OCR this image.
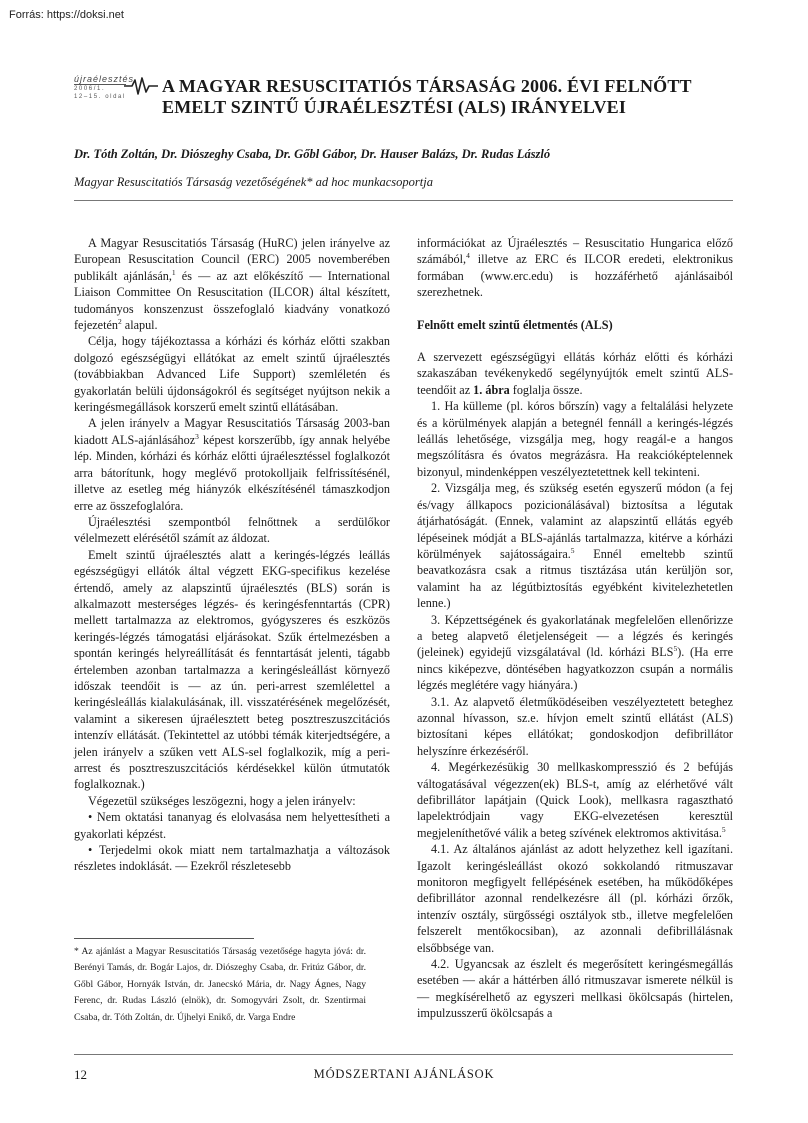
Forrás: https://doksi.net
újraélesztés
2006/1.
12–15. oldal
A MAGYAR RESUSCITATIÓS TÁRSASÁG 2006. ÉVI FELNŐTT
EMELT SZINTŰ ÚJRAÉLESZTÉSI (ALS) IRÁNYELVEI
Dr. Tóth Zoltán, Dr. Diószeghy Csaba, Dr. Gőbl Gábor, Dr. Hauser Balázs, Dr. Rudas László
Magyar Resuscitatiós Társaság vezetőségének* ad hoc munkacsoportja

A Magyar Resuscitatiós Társaság (HuRC) jelen irányelve az European Resuscitation Council (ERC) 2005 novemberében publikált ajánlásán,$^1$ és — az azt előkészítő — International Liaison Committee On Resuscitation (ILCOR) által készített, tudományos konszenzust összefoglaló kiadvány vonatkozó fejezetén$^2$ alapul.

Célja, hogy tájékoztassa a kórházi és kórház előtti szakban dolgozó egészségügyi ellátókat az emelt szintű újraélesztés (továbbiakban Advanced Life Support) szemléletén és gyakorlatán belüli újdonságokról és segítséget nyújtson nekik a keringésmegállások korszerű emelt szintű ellátásában.

A jelen irányelv a Magyar Resuscitatiós Társaság 2003-ban kiadott ALS-ajánlásához$^3$ képest korszerűbb, így annak helyébe lép. Minden, kórházi és kórház előtti újraélesztéssel foglalkozót arra bátorítunk, hogy meglévő protokolljaik felfrissítésénél, illetve az esetleg még hiányzók elkészítésénél támaszkodjon erre az összefoglalóra.

Újraélesztési szempontból felnőttnek a serdülőkor vélelmezett elérésétől számít az áldozat.

Emelt szintű újraélesztés alatt a keringés-légzés leállás egészségügyi ellátók által végzett EKG-specifikus kezelése értendő, amely az alapszintű újraélesztés (BLS) során is alkalmazott mesterséges légzés- és keringésfenntartás (CPR) mellett tartalmazza az elektromos, gyógyszeres és eszközös keringés-légzés támogatási eljárásokat. Szűk értelmezésben a spontán keringés helyreállítását és fenntartását jelenti, tágabb értelemben azonban tartalmazza a keringésleállást környező időszak teendőit is — az ún. peri-arrest szemlélettel a keringésleállás kialakulásának, ill. visszatérésének megelőzését, valamint a sikeresen újraélesztett beteg posztreszuszcitációs intenzív ellátását. (Tekintettel az utóbbi témák kiterjedtségére, a jelen irányelv a szűken vett ALS-sel foglalkozik, míg a peri-arrest és posztreszuszcitációs kérdésekkel külön útmutatók foglalkoznak.)

Végezetül szükséges leszögezni, hogy a jelen irányelv:

• Nem oktatási tananyag és elolvasása nem helyettesítheti a gyakorlati képzést.
• Terjedelmi okok miatt nem tartalmazhatja a változások részletes indoklását. — Ezekről részletesebb
* Az ajánlást a Magyar Resuscitatiós Társaság vezetősége hagyta jóvá: dr. Berényi Tamás, dr. Bogár Lajos, dr. Diószeghy Csaba, dr. Fritúz Gábor, dr. Gőbl Gábor, Hornyák István, dr. Janecskó Mária, dr. Nagy Ágnes, Nagy Ferenc, dr. Rudas László (elnök), dr. Somogyvári Zsolt, dr. Szentirmai Csaba, dr. Tóth Zoltán, dr. Újhelyi Enikő, dr. Varga Endre

információkat az Újraélesztés – Resuscitatio Hungarica előző számából,$^4$ illetve az ERC és ILCOR eredeti, elektronikus formában (www.erc.edu) is hozzáférhető ajánlásaiból szerezhetnek.

Felnőtt emelt szintű életmentés (ALS)

A szervezett egészségügyi ellátás kórház előtti és kórházi szakaszában tevékenykedő segélynyújtók emelt szintű ALS-teendőit az 1. ábra foglalja össze.

1. Ha külleme (pl. kóros bőrszín) vagy a feltalálási helyzete és a körülmények alapján a betegnél fennáll a keringés-légzés leállás lehetősége, vizsgálja meg, hogy reagál-e a hangos megszólításra és óvatos megrázásra. Ha reakcióképtelennek bizonyul, mindenképpen veszélyeztetettnek kell tekinteni.

2. Vizsgálja meg, és szükség esetén egyszerű módon (a fej és/vagy állkapocs pozicionálásával) biztosítsa a légutak átjárhatóságát. (Ennek, valamint az alapszintű ellátás egyéb lépéseinek módját a BLS-ajánlás tartalmazza, kitérve a kórházi körülmények sajátosságaira.$^5$ Ennél emeltebb szintű beavatkozásra csak a ritmus tisztázása után kerüljön sor, valamint ha az légútbiztosítás egyébként kivitelezhetetlen lenne.)

3. Képzettségének és gyakorlatának megfelelően ellenőrizze a beteg alapvető életjelenségeit — a légzés és keringés (jeleinek) egyidejű vizsgálatával (ld. kórházi BLS$^5$). (Ha erre nincs kiképezve, döntésében hagyatkozzon csupán a normális légzés meglétére vagy hiányára.)

3.1. Az alapvető életműködéseiben veszélyeztetett beteghez azonnal hívasson, sz.e. hívjon emelt szintű ellátást (ALS) biztosítani képes ellátókat; gondoskodjon defibrillátor helyszínre érkezéséről.

4. Megérkezésükig 30 mellkaskompresszió és 2 befújás váltogatásával végezzen(ek) BLS-t, amíg az elérhetővé vált defibrillátor lapátjain (Quick Look), mellkasra ragasztható lapelektródjain vagy EKG-elvezetésen keresztül megjeleníthetővé válik a beteg szívének elektromos aktivitása.$^5$

4.1. Az általános ajánlást az adott helyzethez kell igazítani. Igazolt keringésleállást okozó sokkolandó ritmuszavar monitoron megfigyelt fellépésének esetében, ha működőképes defibrillátor azonnal rendelkezésre áll (pl. kórházi őrzők, intenzív osztály, sürgősségi osztályok stb., illetve megfelelően felszerelt mentőkocsiban), az azonnali defibrillálásnak elsőbbsége van.

4.2. Ugyancsak az észlelt és megerősített keringésmegállás esetében — akár a háttérben álló ritmuszavar ismerete nélkül is — megkísérelhető az egyszeri mellkasi ökölcsapás (hirtelen, impulzusszerű ökölcsapás a

12	MÓDSZERTANI AJÁNLÁSOK
